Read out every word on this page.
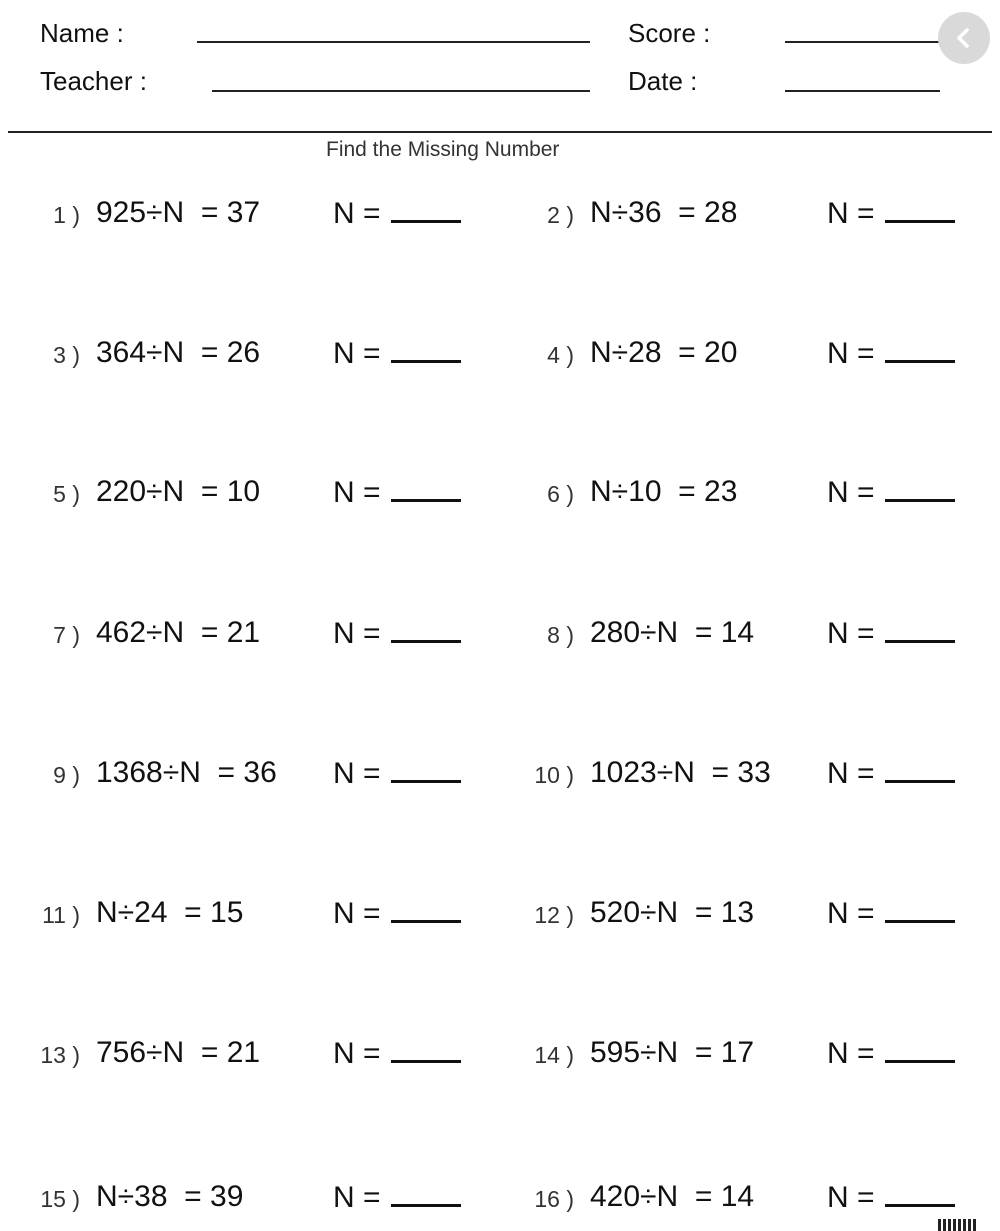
Name :
Teacher :
Score :
Date :
Find the Missing Number
1 ) 925÷N  = 37 N =	2 ) N÷36  = 28	N =
3 ) 364÷N  = 26 N =	4 ) N÷28  = 20	N =
5 ) 220÷N  = 10 N =	6 ) N÷10  = 23	N =
7 ) 462÷N  = 21 N =	8 ) 280÷N  = 14 N =
9 ) 1368÷N  = 36 N =	10 ) 1023÷N  = 33 N =
11 ) N÷24  = 15	N =	12 ) 520÷N  = 13 N =
13 ) 756÷N  = 21 N =	14 ) 595÷N  = 17 N =
15 ) N÷38  = 39	N =	16 ) 420÷N  = 14 N =
